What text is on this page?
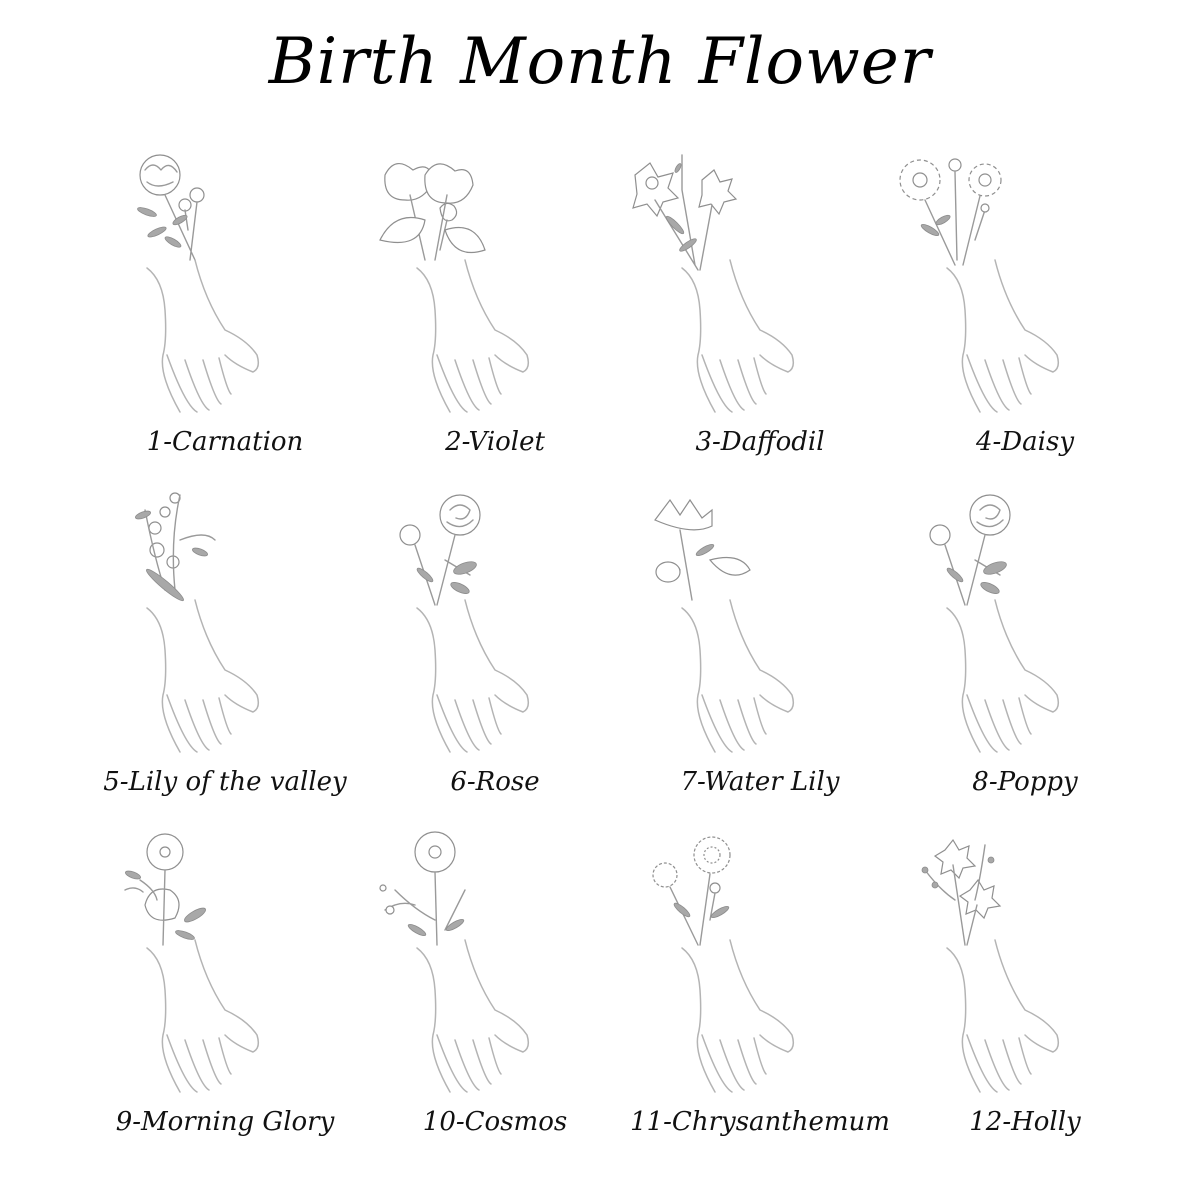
Birth Month Flower
1-Carnation	2-Violet	3-Daffodil	4-Daisy
5-Lily of the valley	6-Rose	7-Water Lily	8-Poppy
9-Morning Glory	10-Cosmos	11-Chrysanthemum	12-Holly
